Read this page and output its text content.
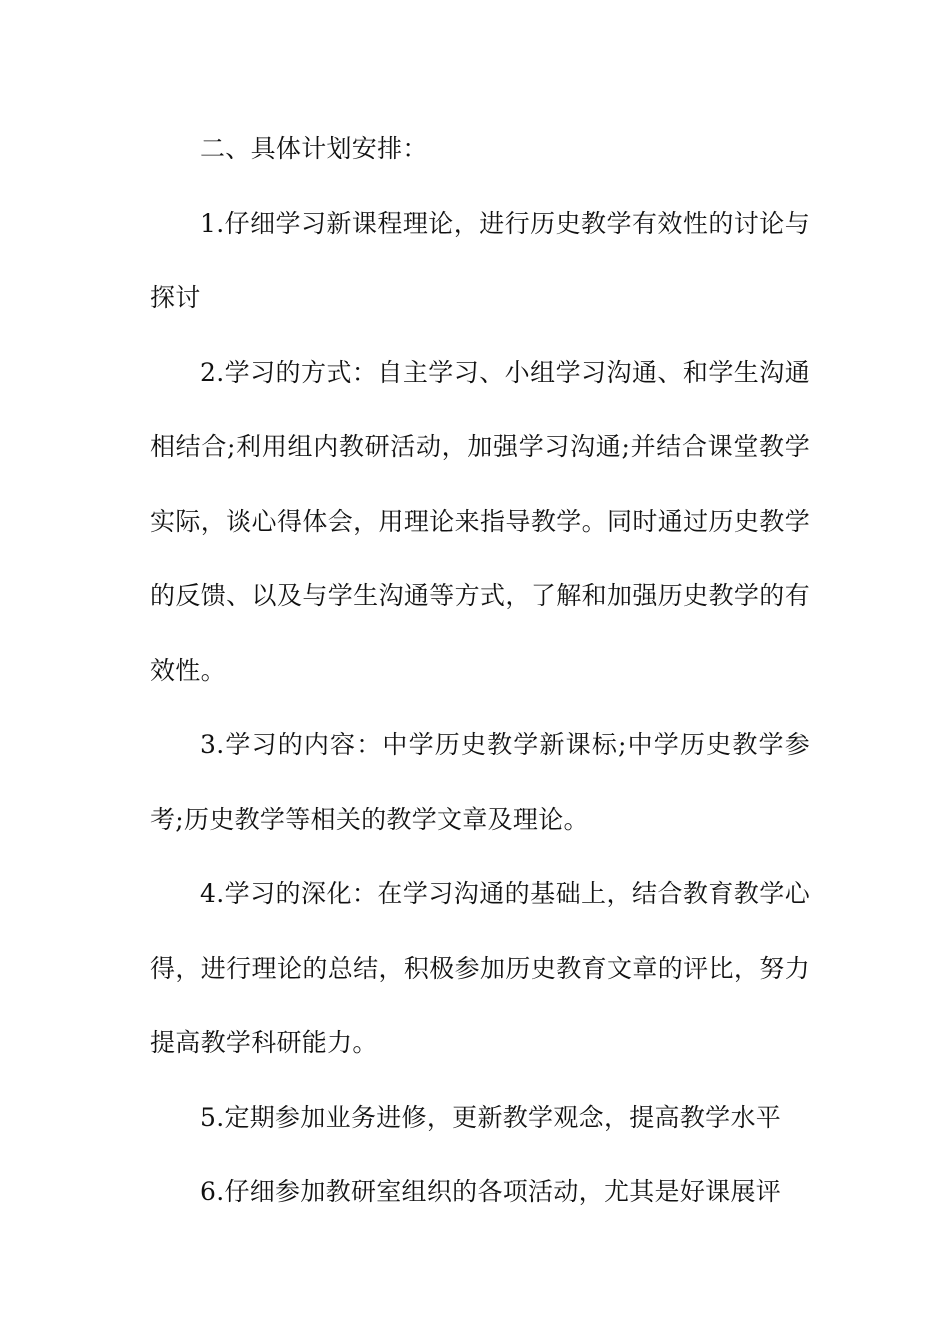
二、具体计划安排：

1.仔细学习新课程理论，进行历史教学有效性的讨论与探讨

2.学习的方式：自主学习、小组学习沟通、和学生沟通相结合;利用组内教研活动，加强学习沟通;并结合课堂教学实际，谈心得体会，用理论来指导教学。同时通过历史教学的反馈、以及与学生沟通等方式，了解和加强历史教学的有效性。

3.学习的内容：中学历史教学新课标;中学历史教学参考;历史教学等相关的教学文章及理论。

4.学习的深化：在学习沟通的基础上，结合教育教学心得，进行理论的总结，积极参加历史教育文章的评比，努力提高教学科研能力。

5.定期参加业务进修，更新教学观念，提高教学水平

6.仔细参加教研室组织的各项活动，尤其是好课展评
